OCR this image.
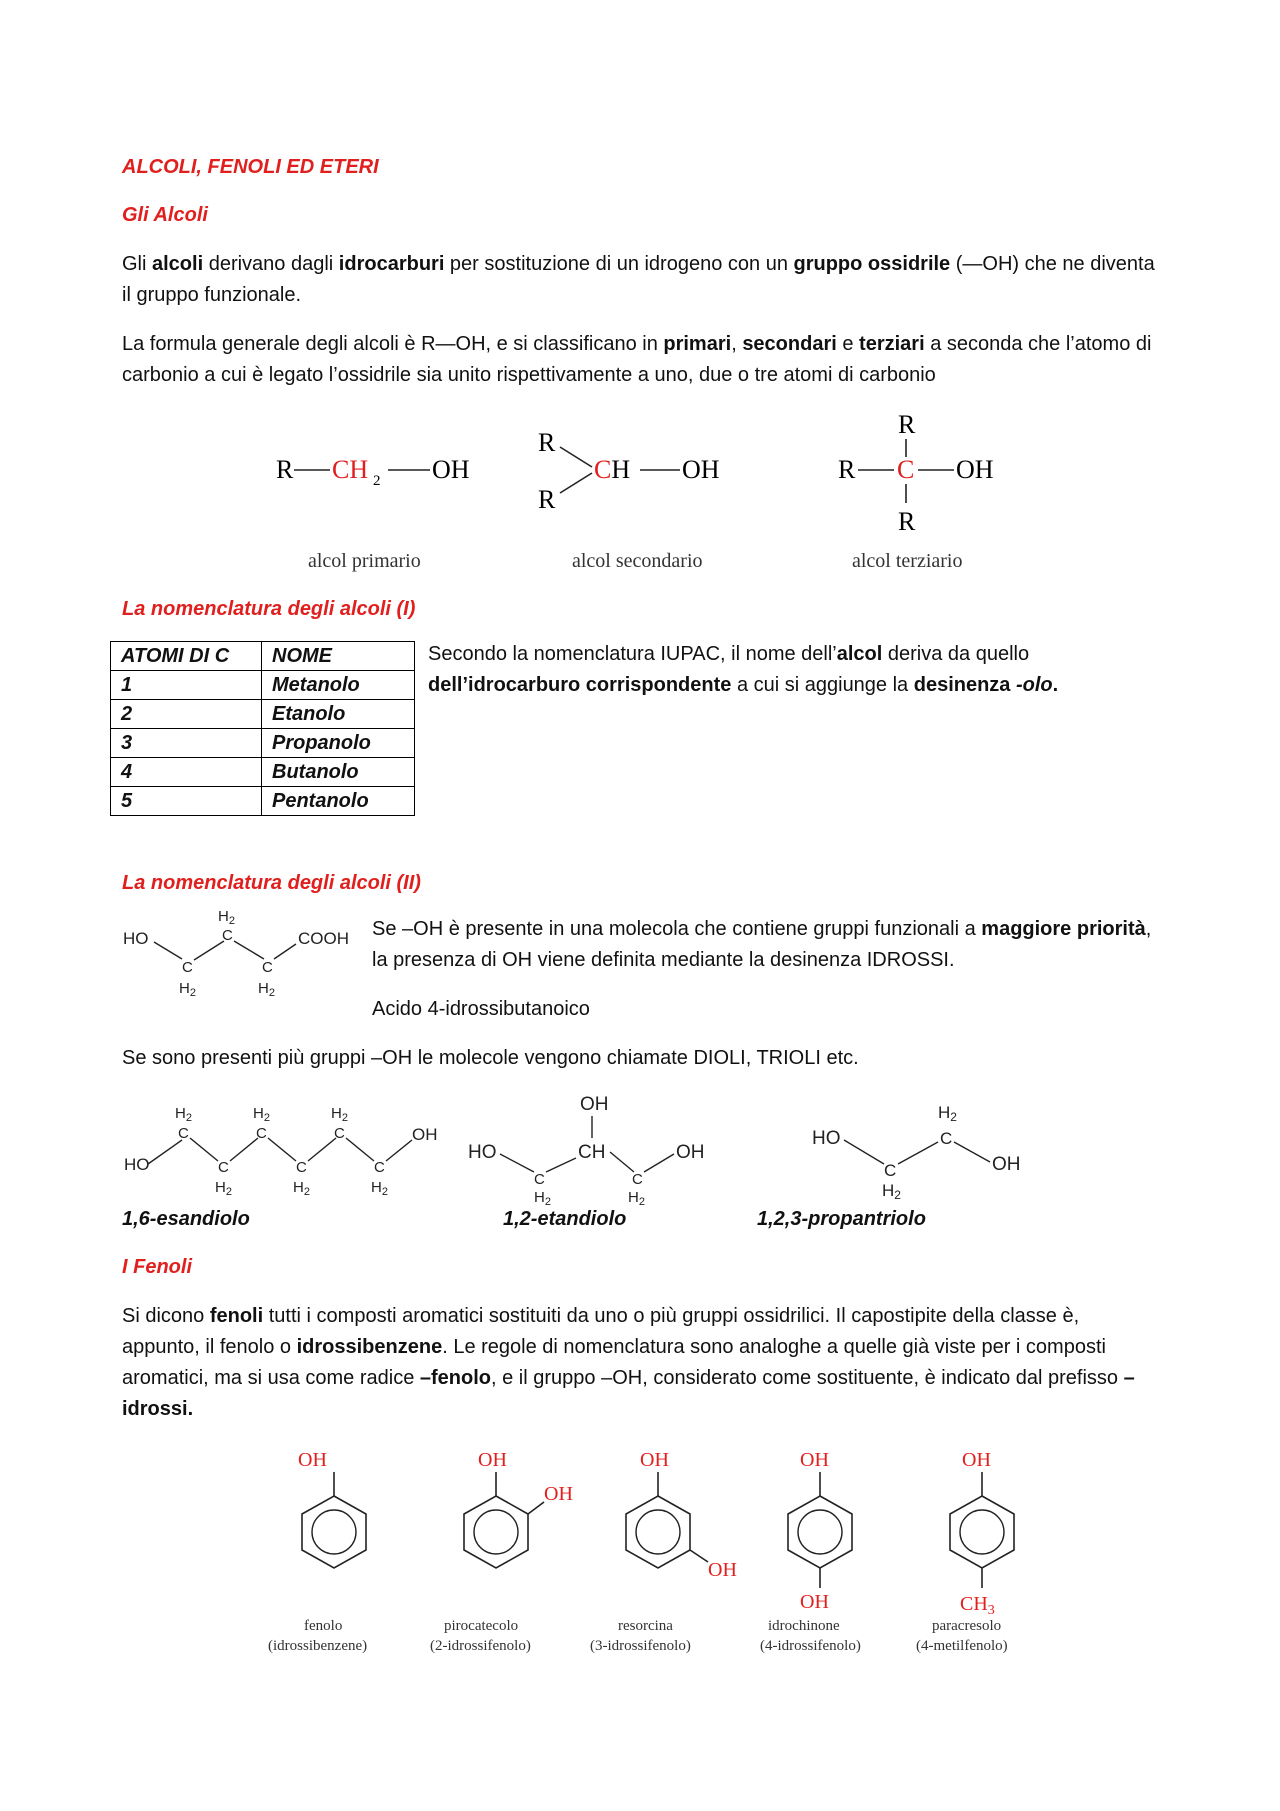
ALCOLI, FENOLI ED ETERI

Gli Alcoli

Gli alcoli derivano dagli idrocarburi per sostituzione di un idrogeno con un gruppo ossidrile (—OH) che ne diventa il gruppo funzionale.

La formula generale degli alcoli è R—OH, e si classificano in primari, secondari e terziari a seconda che l’atomo di carbonio a cui è legato l’ossidrile sia unito rispettivamente a uno, due o tre atomi di carbonio

R CH 2 OH
alcol primario
R
R
CH OH
alcol secondario
R
R C OH
R
alcol terziario

La nomenclatura degli alcoli (I)

ATOMI DI C	NOME
1	Metanolo
2	Etanolo
3	Propanolo
4	Butanolo
5	Pentanolo

Secondo la nomenclatura IUPAC, il nome dell’alcol deriva da quello dell’idrocarburo corrispondente a cui si aggiunge la desinenza -olo.

La nomenclatura degli alcoli (II)

HO
C
$H_2$
C
$H_2$
C
$H_2$
COOH Se –OH è presente in una molecola che contiene gruppi funzionali a maggiore priorità, la presenza di OH viene definita mediante la desinenza IDROSSI.

Acido 4-idrossibutanoico

Se sono presenti più gruppi –OH le molecole vengono chiamate DIOLI, TRIOLI etc.

HO
C
$H_2$
C
$H_2$
C
$H_2$
C
$H_2$
C
$H_2$
C
$H_2$
OH
HO
C
$H_2$
CH
OH
C
$H_2$
OH
HO
C
H2
C
H2
OH
1,6-esandiolo	1,2-etandiolo	1,2,3-propantriolo

I Fenoli

Si dicono fenoli tutti i composti aromatici sostituiti da uno o più gruppi ossidrilici. Il capostipite della classe è, appunto, il fenolo o idrossibenzene. Le regole di nomenclatura sono analoghe a quelle già viste per i composti aromatici, ma si usa come radice –fenolo, e il gruppo –OH, considerato come sostituente, è indicato dal prefisso –idrossi.

OH
fenolo
(idrossibenzene)
OH
OH
pirocatecolo
(2-idrossifenolo)
OH
OH
resorcina
(3-idrossifenolo)
OH
OH
idrochinone
(4-idrossifenolo)
OH
$CH_3$
paracresolo
(4-metilfenolo)
